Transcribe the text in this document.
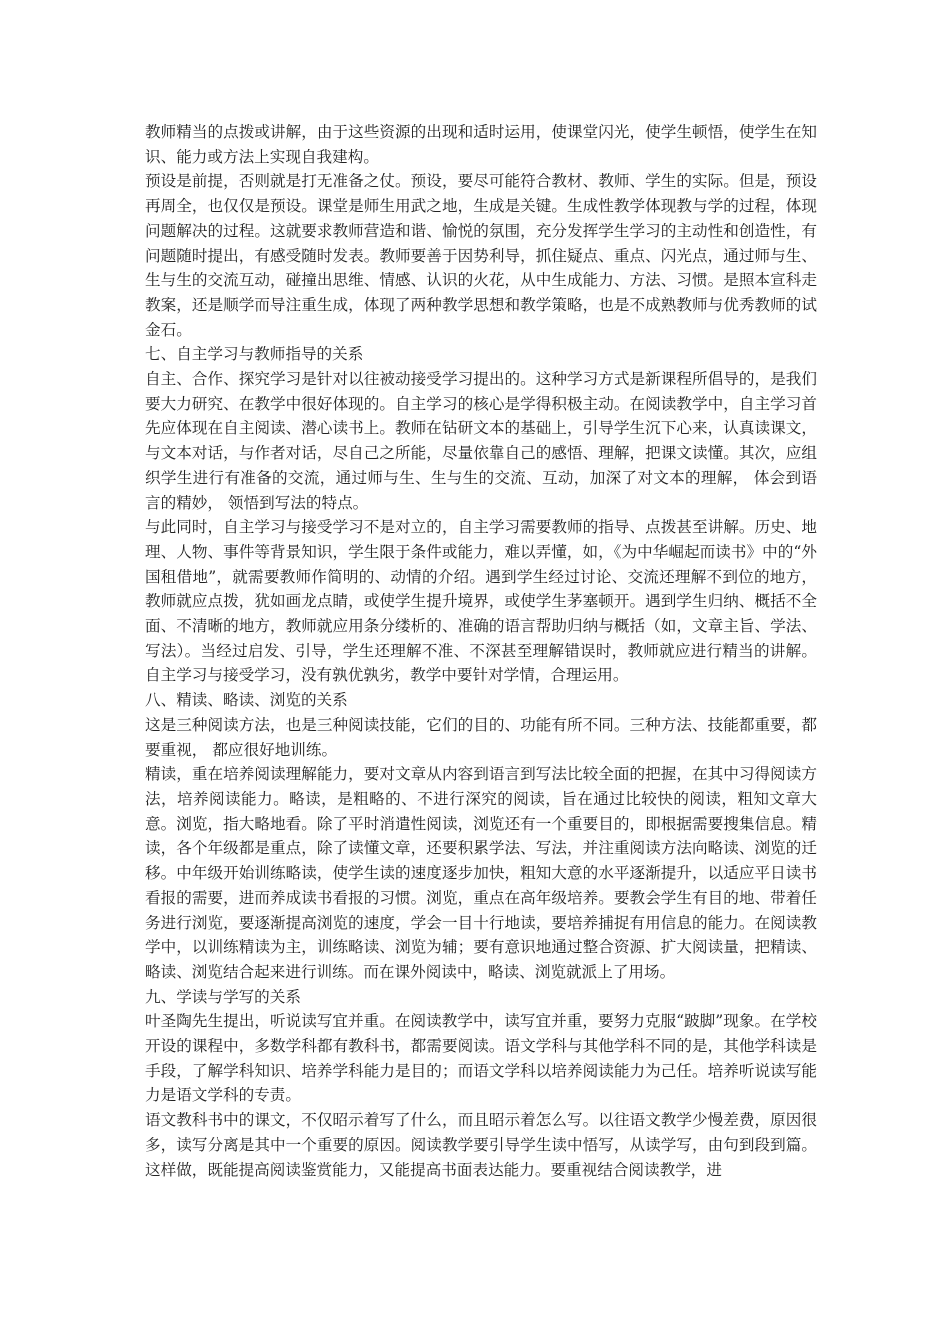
教师精当的点拨或讲解，由于这些资源的出现和适时运用，使课堂闪光，使学生顿悟，使学生在知识、能力或方法上实现自我建构。

预设是前提，否则就是打无准备之仗。预设，要尽可能符合教材、教师、学生的实际。但是，预设再周全，也仅仅是预设。课堂是师生用武之地，生成是关键。生成性教学体现教与学的过程，体现问题解决的过程。这就要求教师营造和谐、愉悦的氛围，充分发挥学生学习的主动性和创造性，有问题随时提出，有感受随时发表。教师要善于因势利导，抓住疑点、重点、闪光点，通过师与生、生与生的交流互动，碰撞出思维、情感、认识的火花，从中生成能力、方法、习惯。是照本宣科走教案，还是顺学而导注重生成，体现了两种教学思想和教学策略，也是不成熟教师与优秀教师的试金石。

七、自主学习与教师指导的关系

自主、合作、探究学习是针对以往被动接受学习提出的。这种学习方式是新课程所倡导的，是我们要大力研究、在教学中很好体现的。自主学习的核心是学得积极主动。在阅读教学中，自主学习首先应体现在自主阅读、潜心读书上。教师在钻研文本的基础上，引导学生沉下心来，认真读课文，与文本对话，与作者对话，尽自己之所能，尽量依靠自己的感悟、理解，把课文读懂。其次，应组织学生进行有准备的交流，通过师与生、生与生的交流、互动，加深了对文本的理解， 体会到语言的精妙， 领悟到写法的特点。

与此同时，自主学习与接受学习不是对立的，自主学习需要教师的指导、点拨甚至讲解。历史、地理、人物、事件等背景知识，学生限于条件或能力，难以弄懂，如，《为中华崛起而读书》中的“外国租借地”，就需要教师作简明的、动情的介绍。遇到学生经过讨论、交流还理解不到位的地方，教师就应点拨，犹如画龙点睛，或使学生提升境界，或使学生茅塞顿开。遇到学生归纳、概括不全面、不清晰的地方，教师就应用条分缕析的、准确的语言帮助归纳与概括（如，文章主旨、学法、写法）。当经过启发、引导，学生还理解不准、不深甚至理解错误时，教师就应进行精当的讲解。自主学习与接受学习，没有孰优孰劣，教学中要针对学情，合理运用。

八、精读、略读、浏览的关系

这是三种阅读方法，也是三种阅读技能，它们的目的、功能有所不同。三种方法、技能都重要，都要重视， 都应很好地训练。

精读，重在培养阅读理解能力，要对文章从内容到语言到写法比较全面的把握，在其中习得阅读方法，培养阅读能力。略读，是粗略的、不进行深究的阅读，旨在通过比较快的阅读，粗知文章大意。浏览，指大略地看。除了平时消遣性阅读，浏览还有一个重要目的，即根据需要搜集信息。精读，各个年级都是重点，除了读懂文章，还要积累学法、写法，并注重阅读方法向略读、浏览的迁移。中年级开始训练略读，使学生读的速度逐步加快，粗知大意的水平逐渐提升，以适应平日读书看报的需要，进而养成读书看报的习惯。浏览，重点在高年级培养。要教会学生有目的地、带着任务进行浏览，要逐渐提高浏览的速度，学会一目十行地读，要培养捕捉有用信息的能力。在阅读教学中，以训练精读为主，训练略读、浏览为辅；要有意识地通过整合资源、扩大阅读量，把精读、略读、浏览结合起来进行训练。而在课外阅读中，略读、浏览就派上了用场。

九、学读与学写的关系

叶圣陶先生提出，听说读写宜并重。在阅读教学中，读写宜并重，要努力克服“跛脚”现象。在学校开设的课程中，多数学科都有教科书，都需要阅读。语文学科与其他学科不同的是，其他学科读是手段，了解学科知识、培养学科能力是目的；而语文学科以培养阅读能力为己任。培养听说读写能力是语文学科的专责。

语文教科书中的课文，不仅昭示着写了什么，而且昭示着怎么写。以往语文教学少慢差费，原因很多，读写分离是其中一个重要的原因。阅读教学要引导学生读中悟写，从读学写，由句到段到篇。这样做，既能提高阅读鉴赏能力，又能提高书面表达能力。要重视结合阅读教学，进
